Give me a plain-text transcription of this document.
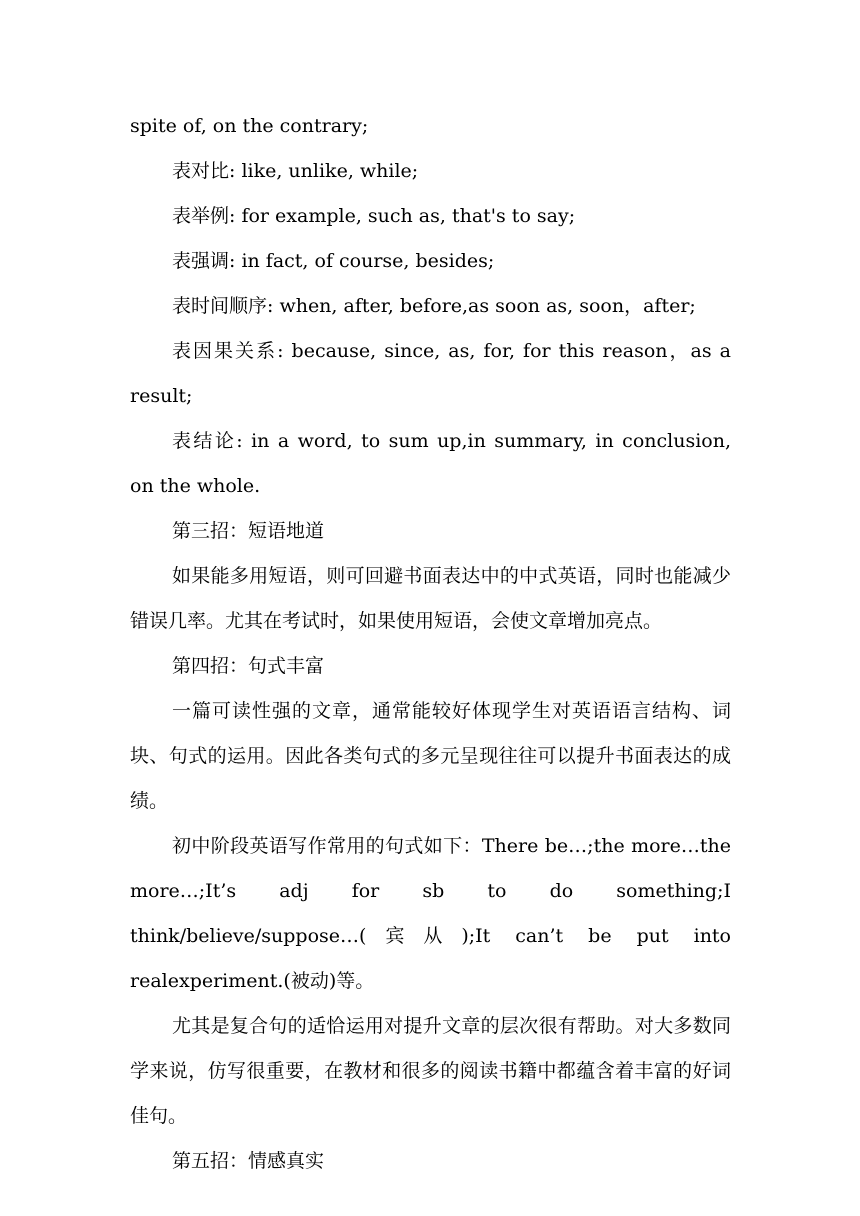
spite of, on the contrary;

表对比: like, unlike, while;

表举例: for example, such as, that's to say;

表强调: in fact, of course, besides;

表时间顺序: when, after, before,as soon as, soon，after;

表因果关系: because, since, as, for, for this reason，as a result;

表结论: in a word, to sum up,in summary, in conclusion, on the whole.

第三招：短语地道

如果能多用短语，则可回避书面表达中的中式英语，同时也能减少错误几率。尤其在考试时，如果使用短语，会使文章增加亮点。

第四招：句式丰富

一篇可读性强的文章，通常能较好体现学生对英语语言结构、词块、句式的运用。因此各类句式的多元呈现往往可以提升书面表达的成绩。

初中阶段英语写作常用的句式如下：There be…;the more…the more…;It’s adj for sb to do something;I think/believe/suppose…(宾从);It can’t be put into realexperiment.(被动)等。

尤其是复合句的适恰运用对提升文章的层次很有帮助。对大多数同学来说，仿写很重要，在教材和很多的阅读书籍中都蕴含着丰富的好词佳句。

第五招：情感真实
